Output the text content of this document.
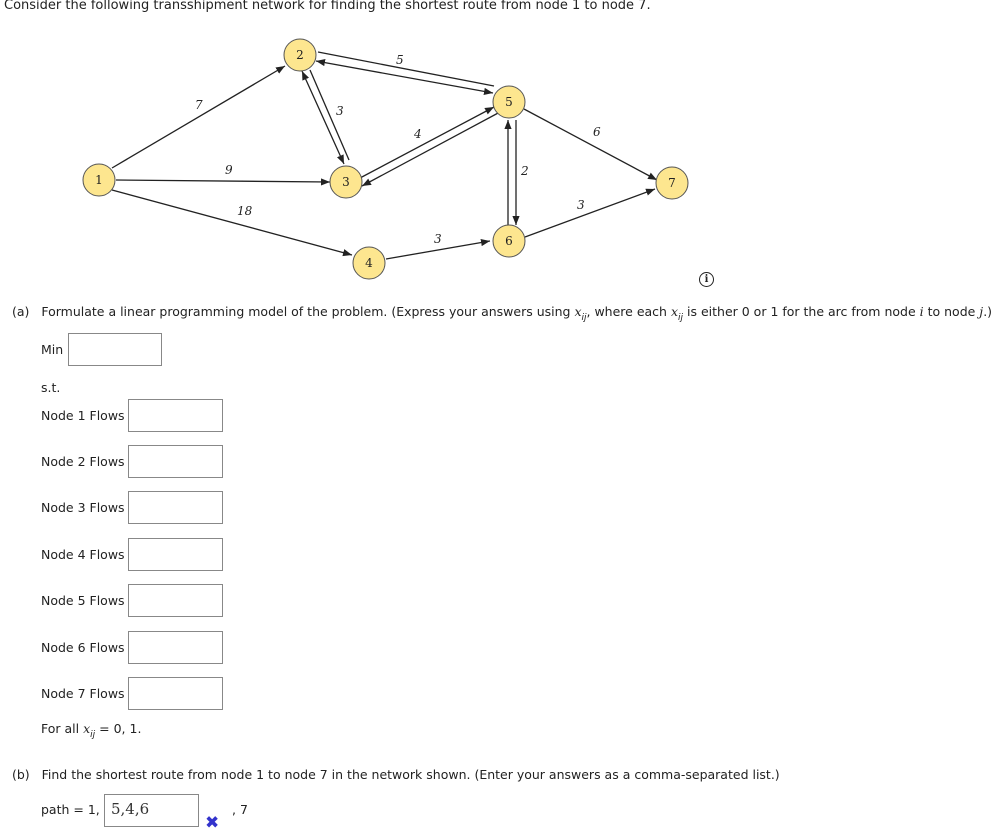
Consider the following transshipment network for finding the shortest route from node 1 to node 7.
7
9
18
5
3
4
3
2
6
3
1
2
3
4
5
6
7
i
(a) Formulate a linear programming model of the problem. (Express your answers using $x_{ij}$, where each $x_{ij}$ is either 0 or 1 for the arc from node i to node j.)
Min
s.t.
Node 1 Flows
Node 2 Flows
Node 3 Flows
Node 4 Flows
Node 5 Flows
Node 6 Flows
Node 7 Flows
For all $x_{ij} = 0$, 1.
(b) Find the shortest route from node 1 to node 7 in the network shown. (Enter your answers as a comma-separated list.)
path = 1, 5,4,6	, 7
✖
